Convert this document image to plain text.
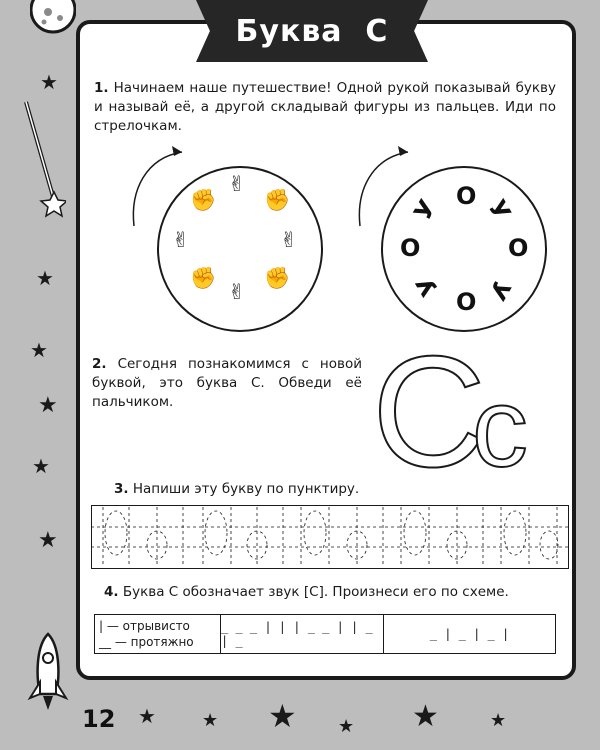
★
★
★
★
★
★
★	★ ★ ★ ★	★
Буква  С
1. Начинаем наше путешествие! Одной рукой показывай букву и называй её, а другой складывай фигуры из пальцев. Иди по стрелочкам.
✌
✊
✌
✊
✌
✊
✌
✊	О У
О
У
О
У
О
У
2. Сегодня познакомимся с новой буквой, это буква С. Обведи её пальчиком.	С
с
3. Напиши эту букву по пунктиру.
4. Буква С обозначает звук [С]. Произнеси его по схеме.
| — отрывисто
__ — протяжно
_ _ _ | | | _ _ | | _ | _	_ | _ | _ |
12
